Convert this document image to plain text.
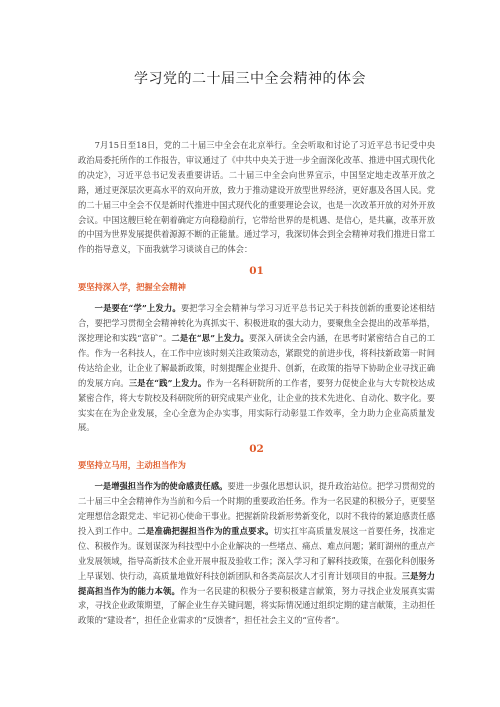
学习党的二十届三中全会精神的体会

7月15日至18日，党的二十届三中全会在北京举行。全会听取和讨论了习近平总书记受中央政治局委托所作的工作报告，审议通过了《中共中央关于进一步全面深化改革、推进中国式现代化的决定》，习近平总书记发表重要讲话。二十届三中全会向世界宣示，中国坚定地走改革开放之路，通过更深层次更高水平的双向开放，致力于推动建设开放型世界经济，更好惠及各国人民。党的二十届三中全会不仅是新时代推进中国式现代化的重要理论会议，也是一次改革开放的对外开放会议。中国这艘巨轮在朝着确定方向稳稳前行，它带给世界的是机遇、是信心，是共赢，改革开放的中国为世界发展提供着源源不断的正能量。通过学习，我深切体会到全会精神对我们推进日常工作的指导意义，下面我就学习谈谈自己的体会：

01
要坚持深入学，把握全会精神

一是要在“学”上发力。要把学习全会精神与学习习近平总书记关于科技创新的重要论述相结合，要把学习贯彻全会精神转化为真抓实干、积极进取的强大动力，要聚焦全会提出的改革举措，深挖理论和实践“富矿”。二是在“思”上发力。要深入研读全会内涵，在思考时紧密结合自己的工作。作为一名科技人，在工作中应该时刻关注政策动态，紧跟党的前进步伐，将科技新政第一时间传达给企业，让企业了解最新政策，时刻提醒企业提升、创新，在政策的指导下协助企业寻找正确的发展方向。三是在“践”上发力。作为一名科研院所的工作者，要努力促使企业与大专院校达成紧密合作，将大专院校及科研院所的研究成果产业化，让企业的技术先进化、自动化、数字化。要实实在在为企业发展，全心全意为企办实事，用实际行动彰显工作效率，全力助力企业高质量发展。

02
要坚持立马用，主动担当作为

一是增强担当作为的使命感责任感。要进一步强化思想认识，提升政治站位。把学习贯彻党的二十届三中全会精神作为当前和今后一个时期的重要政治任务。作为一名民建的积极分子，更要坚定理想信念跟党走、牢记初心使命干事业。把握新阶段新形势新变化，以时不我待的紧迫感责任感投入到工作中。二是准确把握担当作为的重点要求。切实扛牢高质量发展这一首要任务，找准定位、积极作为。谋划谋深为科技型中小企业解决的一些堵点、痛点、难点问题；紧盯湖州的重点产业发展领域，指导高新技术企业开展申报及验收工作；深入学习和了解科技政策，在强化科创服务上早谋划、快行动，高质量地做好科技创新团队和各类高层次人才引育计划项目的申报。三是努力提高担当作为的能力本领。作为一名民建的积极分子要积极建言献策，努力寻找企业发展真实需求，寻找企业政策期望，了解企业生存关键问题，将实际情况通过组织定期的建言献策，主动担任政策的“建设者”，担任企业需求的“反馈者”，担任社会主义的“宣传者”。
